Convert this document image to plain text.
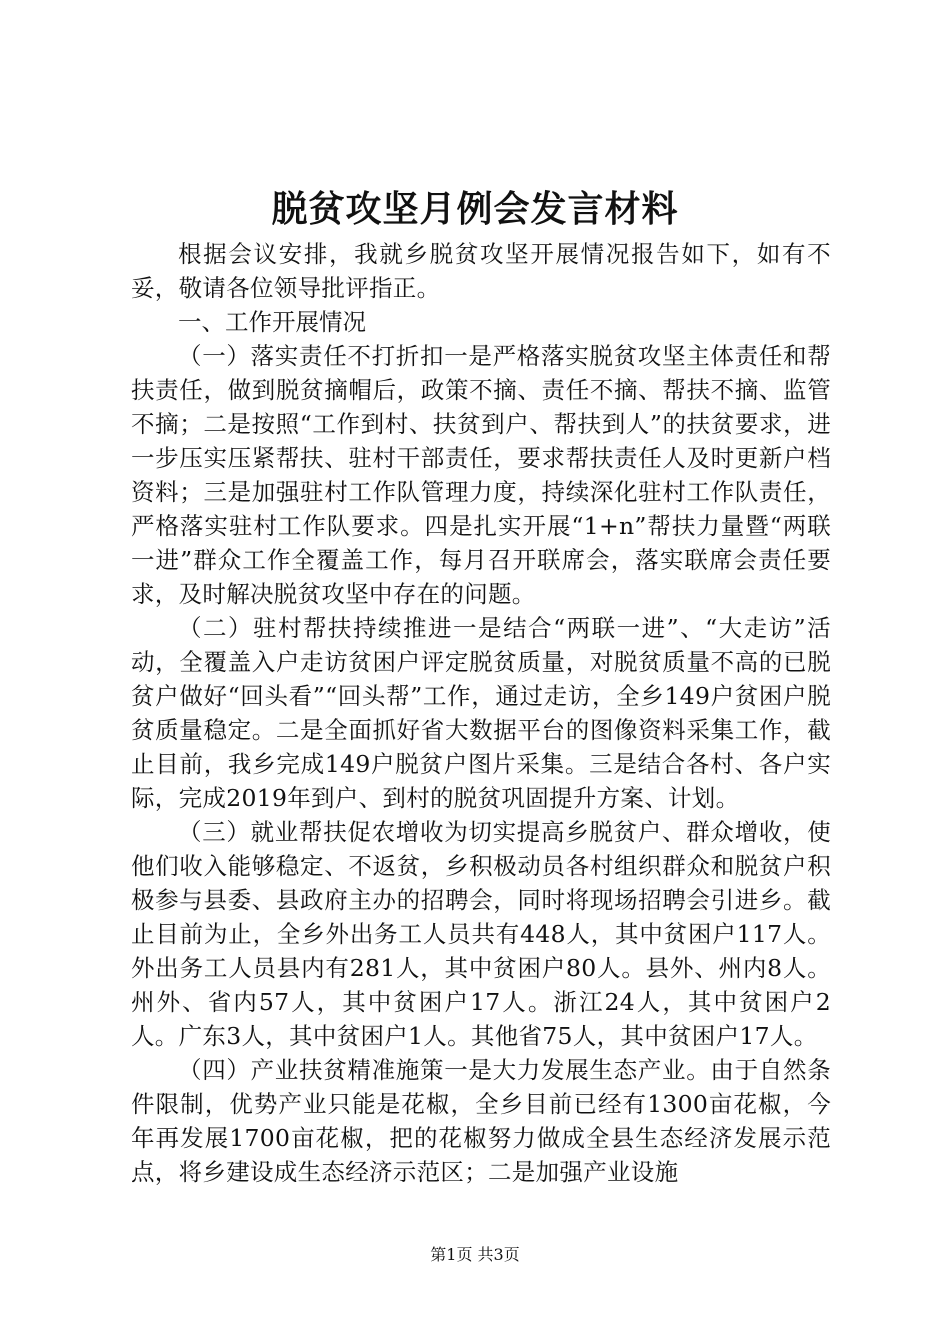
脱贫攻坚月例会发言材料

根据会议安排，我就乡脱贫攻坚开展情况报告如下，如有不妥，敬请各位领导批评指正。

一、工作开展情况

（一）落实责任不打折扣一是严格落实脱贫攻坚主体责任和帮扶责任，做到脱贫摘帽后，政策不摘、责任不摘、帮扶不摘、监管不摘；二是按照“工作到村、扶贫到户、帮扶到人”的扶贫要求，进一步压实压紧帮扶、驻村干部责任，要求帮扶责任人及时更新户档资料；三是加强驻村工作队管理力度，持续深化驻村工作队责任，严格落实驻村工作队要求。四是扎实开展“1+n”帮扶力量暨“两联一进”群众工作全覆盖工作，每月召开联席会，落实联席会责任要求，及时解决脱贫攻坚中存在的问题。

（二）驻村帮扶持续推进一是结合“两联一进”、“大走访”活动，全覆盖入户走访贫困户评定脱贫质量，对脱贫质量不高的已脱贫户做好“回头看”“回头帮”工作，通过走访，全乡149户贫困户脱贫质量稳定。二是全面抓好省大数据平台的图像资料采集工作，截止目前，我乡完成149户脱贫户图片采集。三是结合各村、各户实际，完成2019年到户、到村的脱贫巩固提升方案、计划。

（三）就业帮扶促农增收为切实提高乡脱贫户、群众增收，使他们收入能够稳定、不返贫，乡积极动员各村组织群众和脱贫户积极参与县委、县政府主办的招聘会，同时将现场招聘会引进乡。截止目前为止，全乡外出务工人员共有448人，其中贫困户117人。外出务工人员县内有281人，其中贫困户80人。县外、州内8人。州外、省内57人，其中贫困户17人。浙江24人，其中贫困户2人。广东3人，其中贫困户1人。其他省75人，其中贫困户17人。

（四）产业扶贫精准施策一是大力发展生态产业。由于自然条件限制，优势产业只能是花椒，全乡目前已经有1300亩花椒，今年再发展1700亩花椒，把的花椒努力做成全县生态经济发展示范点，将乡建设成生态经济示范区；二是加强产业设施

第1页 共3页
